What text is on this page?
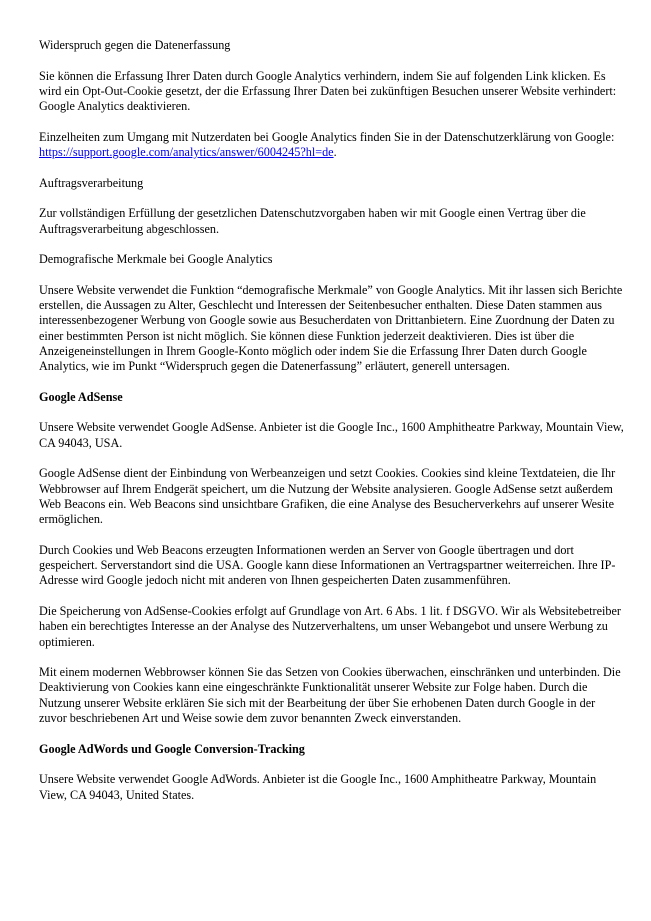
Widerspruch gegen die Datenerfassung

Sie können die Erfassung Ihrer Daten durch Google Analytics verhindern, indem Sie auf folgenden Link klicken. Es wird ein Opt-Out-Cookie gesetzt, der die Erfassung Ihrer Daten bei zukünftigen Besuchen unserer Website verhindert: Google Analytics deaktivieren.

Einzelheiten zum Umgang mit Nutzerdaten bei Google Analytics finden Sie in der Datenschutzerklärung von Google: https://support.google.com/analytics/answer/6004245?hl=de.

Auftragsverarbeitung

Zur vollständigen Erfüllung der gesetzlichen Datenschutzvorgaben haben wir mit Google einen Vertrag über die Auftragsverarbeitung abgeschlossen.

Demografische Merkmale bei Google Analytics

Unsere Website verwendet die Funktion “demografische Merkmale” von Google Analytics. Mit ihr lassen sich Berichte erstellen, die Aussagen zu Alter, Geschlecht und Interessen der Seitenbesucher enthalten. Diese Daten stammen aus interessenbezogener Werbung von Google sowie aus Besucherdaten von Drittanbietern. Eine Zuordnung der Daten zu einer bestimmten Person ist nicht möglich. Sie können diese Funktion jederzeit deaktivieren. Dies ist über die Anzeigeneinstellungen in Ihrem Google-Konto möglich oder indem Sie die Erfassung Ihrer Daten durch Google Analytics, wie im Punkt “Widerspruch gegen die Datenerfassung” erläutert, generell untersagen.

Google AdSense

Unsere Website verwendet Google AdSense. Anbieter ist die Google Inc., 1600 Amphitheatre Parkway, Mountain View, CA 94043, USA.

Google AdSense dient der Einbindung von Werbeanzeigen und setzt Cookies. Cookies sind kleine Textdateien, die Ihr Webbrowser auf Ihrem Endgerät speichert, um die Nutzung der Website analysieren. Google AdSense setzt außerdem Web Beacons ein. Web Beacons sind unsichtbare Grafiken, die eine Analyse des Besucherverkehrs auf unserer Wesite ermöglichen.

Durch Cookies und Web Beacons erzeugten Informationen werden an Server von Google übertragen und dort gespeichert. Serverstandort sind die USA. Google kann diese Informationen an Vertragspartner weiterreichen. Ihre IP-Adresse wird Google jedoch nicht mit anderen von Ihnen gespeicherten Daten zusammenführen.

Die Speicherung von AdSense-Cookies erfolgt auf Grundlage von Art. 6 Abs. 1 lit. f DSGVO. Wir als Websitebetreiber haben ein berechtigtes Interesse an der Analyse des Nutzerverhaltens, um unser Webangebot und unsere Werbung zu optimieren.

Mit einem modernen Webbrowser können Sie das Setzen von Cookies überwachen, einschränken und unterbinden. Die Deaktivierung von Cookies kann eine eingeschränkte Funktionalität unserer Website zur Folge haben. Durch die Nutzung unserer Website erklären Sie sich mit der Bearbeitung der über Sie erhobenen Daten durch Google in der zuvor beschriebenen Art und Weise sowie dem zuvor benannten Zweck einverstanden.

Google AdWords und Google Conversion-Tracking

Unsere Website verwendet Google AdWords. Anbieter ist die Google Inc., 1600 Amphitheatre Parkway, Mountain View, CA 94043, United States.
